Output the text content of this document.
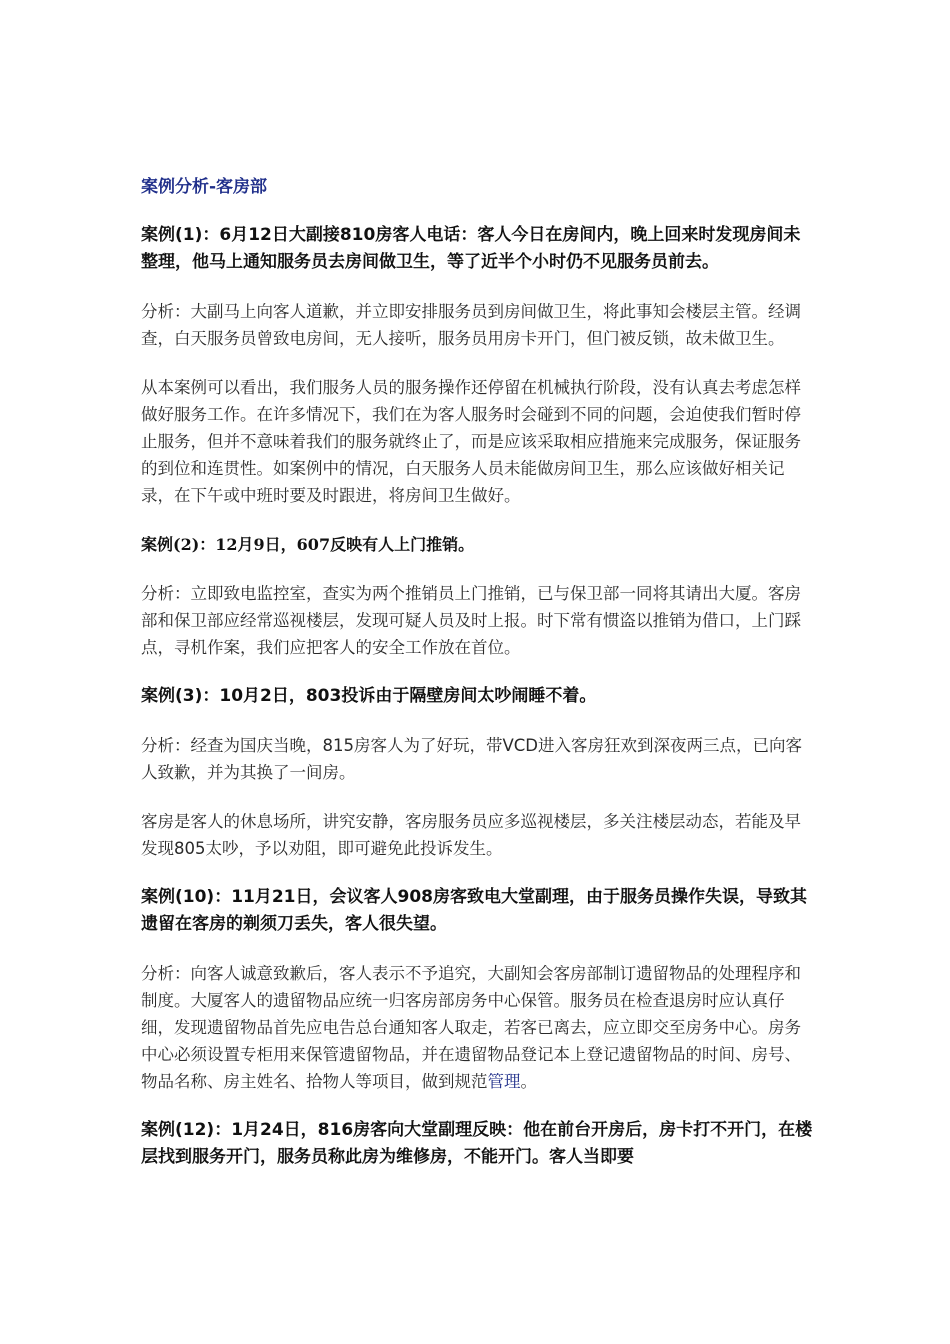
案例分析-客房部
案例(1)：6月12日大副接810房客人电话：客人今日在房间内，晚上回来时发现房间未整理，他马上通知服务员去房间做卫生，等了近半个小时仍不见服务员前去。
分析：大副马上向客人道歉，并立即安排服务员到房间做卫生，将此事知会楼层主管。经调查，白天服务员曾致电房间，无人接听，服务员用房卡开门，但门被反锁，故未做卫生。
从本案例可以看出，我们服务人员的服务操作还停留在机械执行阶段，没有认真去考虑怎样做好服务工作。在许多情况下，我们在为客人服务时会碰到不同的问题，会迫使我们暂时停止服务，但并不意味着我们的服务就终止了，而是应该采取相应措施来完成服务，保证服务的到位和连贯性。如案例中的情况，白天服务人员未能做房间卫生，那么应该做好相关记录，在下午或中班时要及时跟进，将房间卫生做好。
案例(2)：12月9日，607反映有人上门推销。
分析：立即致电监控室，查实为两个推销员上门推销，已与保卫部一同将其请出大厦。客房部和保卫部应经常巡视楼层，发现可疑人员及时上报。时下常有惯盗以推销为借口，上门踩点，寻机作案，我们应把客人的安全工作放在首位。
案例(3)：10月2日，803投诉由于隔壁房间太吵闹睡不着。
分析：经查为国庆当晚，815房客人为了好玩，带VCD进入客房狂欢到深夜两三点，已向客人致歉，并为其换了一间房。
客房是客人的休息场所，讲究安静，客房服务员应多巡视楼层，多关注楼层动态，若能及早发现805太吵，予以劝阻，即可避免此投诉发生。
案例(10)：11月21日，会议客人908房客致电大堂副理，由于服务员操作失误，导致其遗留在客房的剃须刀丢失，客人很失望。
分析：向客人诚意致歉后，客人表示不予追究，大副知会客房部制订遗留物品的处理程序和制度。大厦客人的遗留物品应统一归客房部房务中心保管。服务员在检查退房时应认真仔细，发现遗留物品首先应电告总台通知客人取走，若客已离去，应立即交至房务中心。房务中心必须设置专柜用来保管遗留物品，并在遗留物品登记本上登记遗留物品的时间、房号、物品名称、房主姓名、拾物人等项目，做到规范管理。
案例(12)：1月24日，816房客向大堂副理反映：他在前台开房后，房卡打不开门，在楼层找到服务开门，服务员称此房为维修房，不能开门。客人当即要
